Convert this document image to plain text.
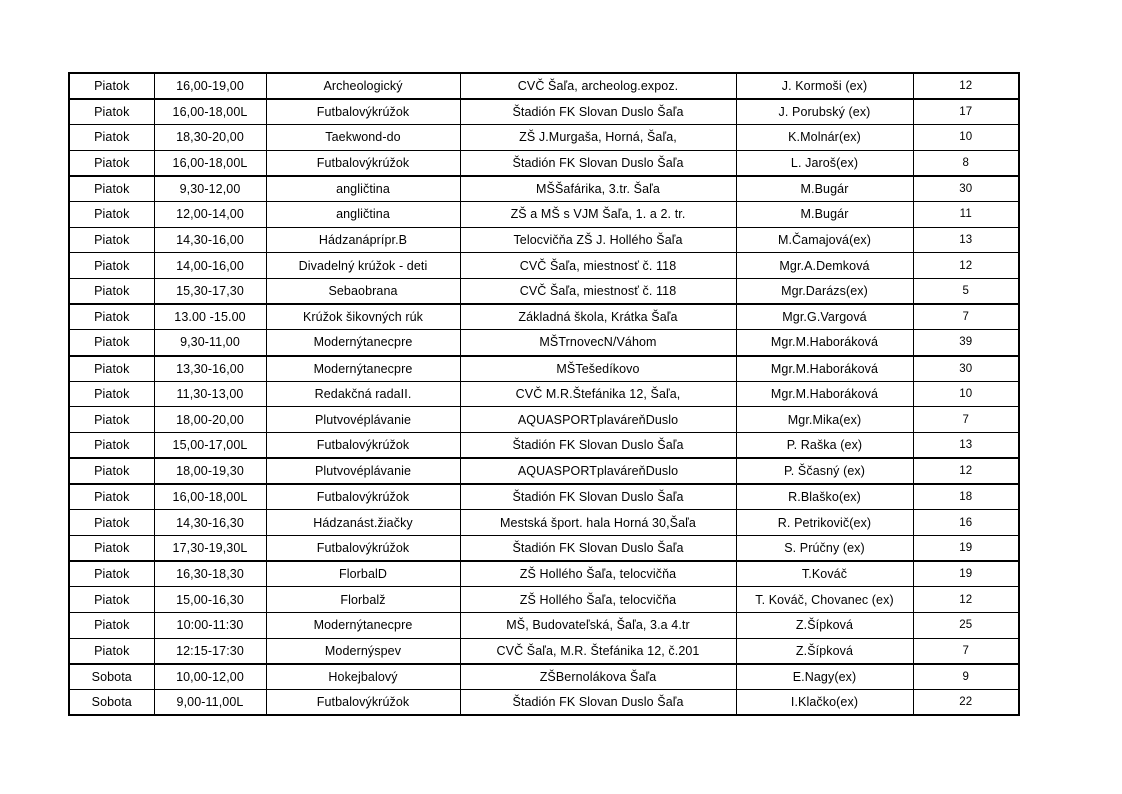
Piatok	16,00-19,00	Archeologický	CVČ Šaľa, archeolog.expoz.	J. Kormoši (ex)	12
Piatok	16,00-18,00L	Futbalovýkrúžok	Štadión FK Slovan Duslo Šaľa	J. Porubský (ex)	17
Piatok	18,30-20,00	Taekwond-do	ZŠ J.Murgaša, Horná, Šaľa,	K.Molnár(ex)	10
Piatok	16,00-18,00L	Futbalovýkrúžok	Štadión FK Slovan Duslo Šaľa	L. Jaroš(ex)	8
Piatok	9,30-12,00	angličtina	MŠŠafárika, 3.tr. Šaľa	M.Bugár	30
Piatok	12,00-14,00	angličtina	ZŠ a MŠ s VJM Šaľa, 1. a 2. tr.	M.Bugár	11
Piatok	14,30-16,00	Hádzanáprípr.B	Telocvičňa ZŠ J. Hollého Šaľa	M.Čamajová(ex)	13
Piatok	14,00-16,00	Divadelný krúžok - deti	CVČ Šaľa, miestnosť č. 118	Mgr.A.Demková	12
Piatok	15,30-17,30	Sebaobrana	CVČ Šaľa, miestnosť č. 118	Mgr.Darázs(ex)	5
Piatok	13.00 -15.00	Krúžok šikovných rúk	Základná škola, Krátka Šaľa	Mgr.G.Vargová	7
Piatok	9,30-11,00	Modernýtanecpre	MŠTrnovecN/Váhom	Mgr.M.Haboráková	39
Piatok	13,30-16,00	Modernýtanecpre	MŠTešedíkovo	Mgr.M.Haboráková	30
Piatok	11,30-13,00	Redakčná radaII.	CVČ M.R.Štefánika 12, Šaľa,	Mgr.M.Haboráková	10
Piatok	18,00-20,00	Plutvovéplávanie	AQUASPORTplaváreňDuslo	Mgr.Mika(ex)	7
Piatok	15,00-17,00L	Futbalovýkrúžok	Štadión FK Slovan Duslo Šaľa	P. Raška (ex)	13
Piatok	18,00-19,30	Plutvovéplávanie	AQUASPORTplaváreňDuslo	P. Ščasný (ex)	12
Piatok	16,00-18,00L	Futbalovýkrúžok	Štadión FK Slovan Duslo Šaľa	R.Blaško(ex)	18
Piatok	14,30-16,30	Hádzanást.žiačky	Mestská šport. hala Horná 30,Šaľa	R. Petrikovič(ex)	16
Piatok	17,30-19,30L	Futbalovýkrúžok	Štadión FK Slovan Duslo Šaľa	S. Prúčny (ex)	19
Piatok	16,30-18,30	FlorbalD	ZŠ Hollého Šaľa, telocvičňa	T.Kováč	19
Piatok	15,00-16,30	Florbalž	ZŠ Hollého Šaľa, telocvičňa	T. Kováč, Chovanec (ex)	12
Piatok	10:00-11:30	Modernýtanecpre	MŠ, Budovateľská, Šaľa, 3.a 4.tr	Z.Šípková	25
Piatok	12:15-17:30	Modernýspev	CVČ Šaľa, M.R. Štefánika 12, č.201	Z.Šípková	7
Sobota	10,00-12,00	Hokejbalový	ZŠBernolákova Šaľa	E.Nagy(ex)	9
Sobota	9,00-11,00L	Futbalovýkrúžok	Štadión FK Slovan Duslo Šaľa	I.Klačko(ex)	22
